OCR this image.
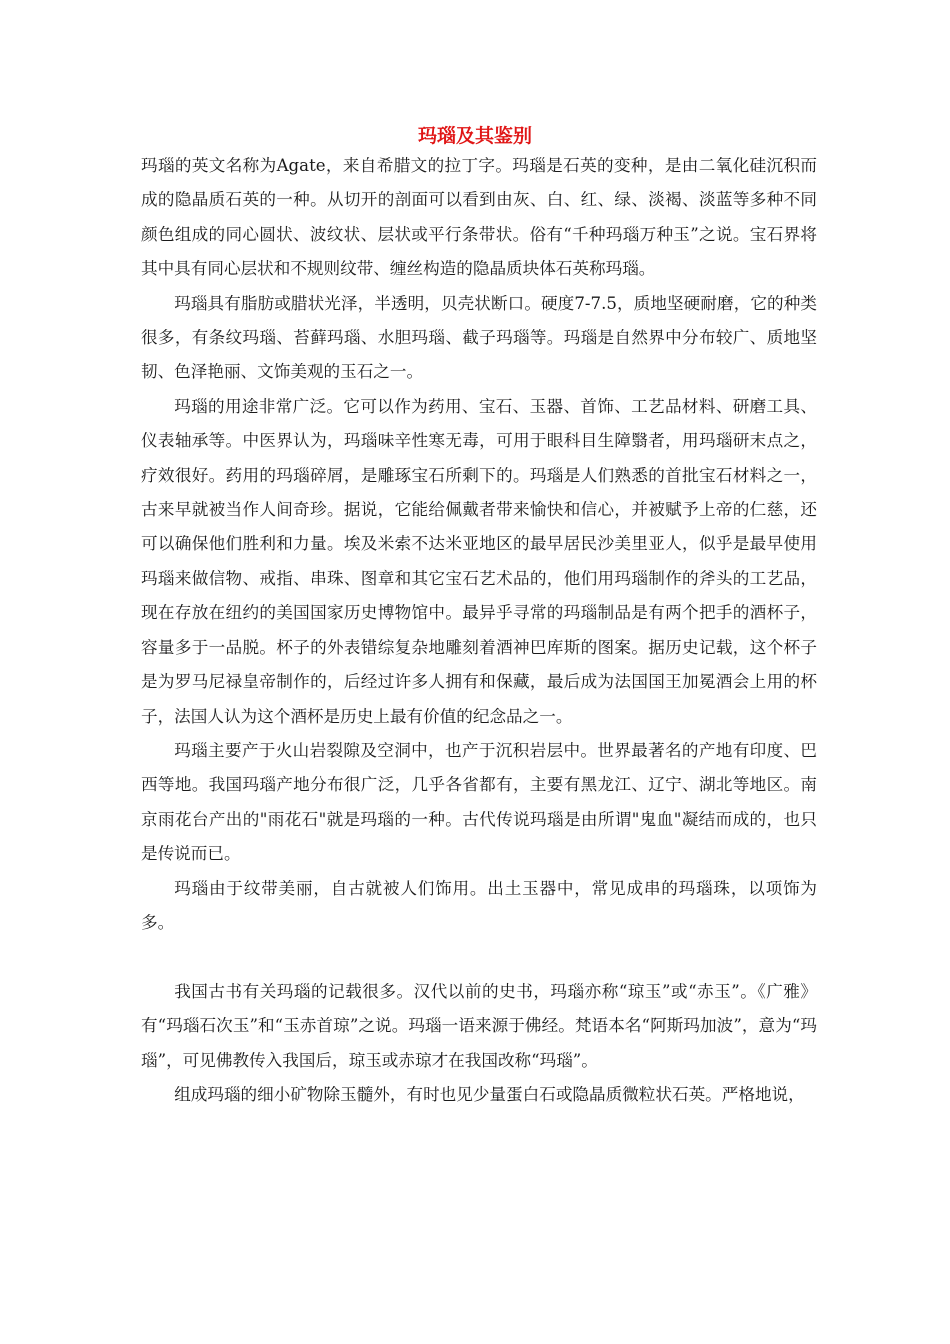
玛瑙及其鉴别

玛瑙的英文名称为Agate，来自希腊文的拉丁字。玛瑙是石英的变种，是由二氧化硅沉积而成的隐晶质石英的一种。从切开的剖面可以看到由灰、白、红、绿、淡褐、淡蓝等多种不同颜色组成的同心圆状、波纹状、层状或平行条带状。俗有“千种玛瑙万种玉”之说。宝石界将其中具有同心层状和不规则纹带、缠丝构造的隐晶质块体石英称玛瑙。

玛瑙具有脂肪或腊状光泽，半透明，贝壳状断口。硬度7-7.5，质地坚硬耐磨，它的种类很多，有条纹玛瑙、苔藓玛瑙、水胆玛瑙、截子玛瑙等。玛瑙是自然界中分布较广、质地坚韧、色泽艳丽、文饰美观的玉石之一。

玛瑙的用途非常广泛。它可以作为药用、宝石、玉器、首饰、工艺品材料、研磨工具、仪表轴承等。中医界认为，玛瑙味辛性寒无毒，可用于眼科目生障翳者，用玛瑙研末点之，疗效很好。药用的玛瑙碎屑，是雕琢宝石所剩下的。玛瑙是人们熟悉的首批宝石材料之一，古来早就被当作人间奇珍。据说，它能给佩戴者带来愉快和信心，并被赋予上帝的仁慈，还可以确保他们胜利和力量。埃及米索不达米亚地区的最早居民沙美里亚人，似乎是最早使用玛瑙来做信物、戒指、串珠、图章和其它宝石艺术品的，他们用玛瑙制作的斧头的工艺品，现在存放在纽约的美国国家历史博物馆中。最异乎寻常的玛瑙制品是有两个把手的酒杯子，容量多于一品脱。杯子的外表错综复杂地雕刻着酒神巴库斯的图案。据历史记载，这个杯子是为罗马尼禄皇帝制作的，后经过许多人拥有和保藏，最后成为法国国王加冕酒会上用的杯子，法国人认为这个酒杯是历史上最有价值的纪念品之一。

玛瑙主要产于火山岩裂隙及空洞中，也产于沉积岩层中。世界最著名的产地有印度、巴西等地。我国玛瑙产地分布很广泛，几乎各省都有，主要有黑龙江、辽宁、湖北等地区。南京雨花台产出的"雨花石"就是玛瑙的一种。古代传说玛瑙是由所谓"鬼血"凝结而成的，也只是传说而已。

玛瑙由于纹带美丽，自古就被人们饰用。出土玉器中，常见成串的玛瑙珠，以项饰为多。

我国古书有关玛瑙的记载很多。汉代以前的史书，玛瑙亦称“琼玉”或“赤玉”。《广雅》有“玛瑙石次玉”和“玉赤首琼”之说。玛瑙一语来源于佛经。梵语本名“阿斯玛加波”，意为“玛瑙”，可见佛教传入我国后，琼玉或赤琼才在我国改称“玛瑙”。

组成玛瑙的细小矿物除玉髓外，有时也见少量蛋白石或隐晶质微粒状石英。严格地说，
